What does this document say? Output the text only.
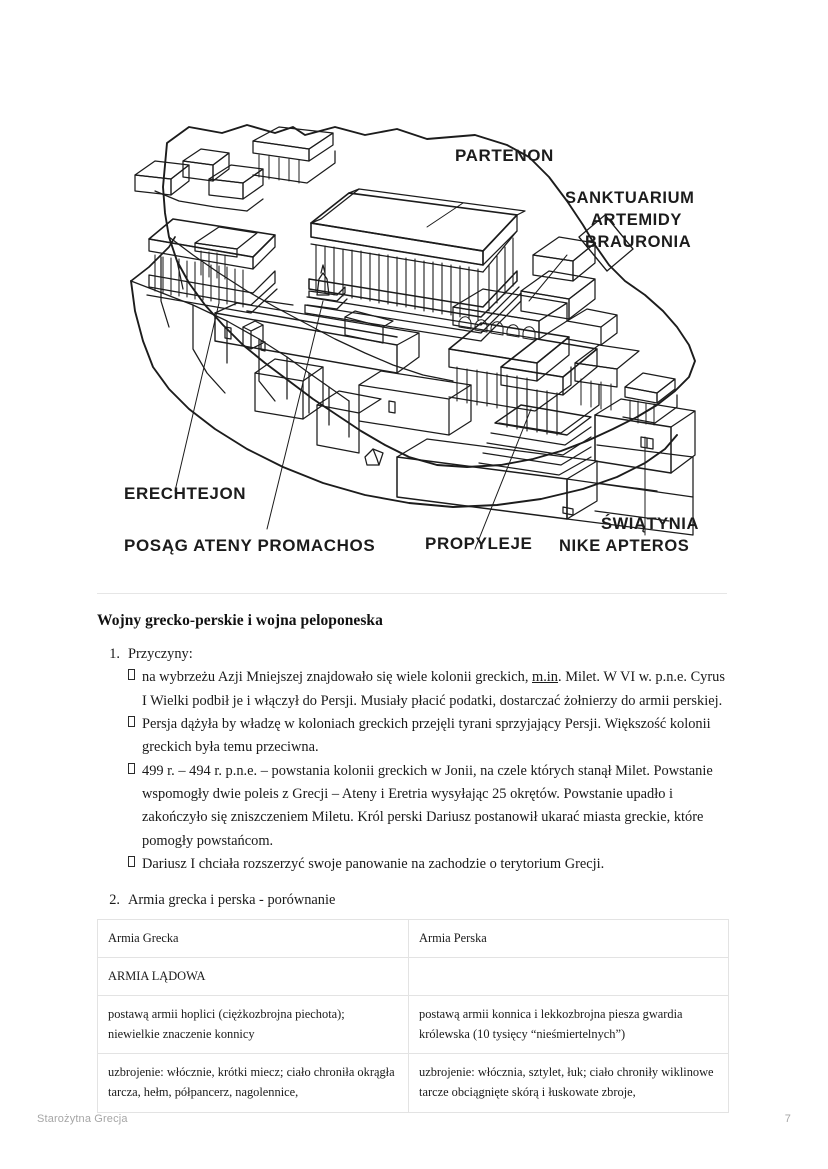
PARTENON
SANKTUARIUM
ARTEMIDY
BRAURONIA
ERECHTEJON
POSĄG ATENY PROMACHOS	PROPYLEJE
ŚWIĄTYNIA
NIKE APTEROS
Wojny grecko-perskie i wojna peloponeska
1. Przyczyny:
na wybrzeżu Azji Mniejszej znajdowało się wiele kolonii greckich, m.in. Milet. W VI w. p.n.e. Cyrus I Wielki podbił je i włączył do Persji. Musiały płacić podatki, dostarczać żołnierzy do armii perskiej.
Persja dążyła by władzę w koloniach greckich przejęli tyrani sprzyjający Persji. Większość kolonii greckich była temu przeciwna.
499 r. – 494 r. p.n.e. – powstania kolonii greckich w Jonii, na czele których stanął Milet. Powstanie wspomogły dwie poleis z Grecji – Ateny i Eretria wysyłając 25 okrętów. Powstanie upadło i zakończyło się zniszczeniem Miletu. Król perski Dariusz postanowił ukarać miasta greckie, które pomogły powstańcom.
Dariusz I chciała rozszerzyć swoje panowanie na zachodzie o terytorium Grecji.
2. Armia grecka i perska - porównanie
Armia Grecka	Armia Perska
ARMIA LĄDOWA	
postawą armii hoplici (ciężkozbrojna piechota); niewielkie znaczenie konnicy	postawą armii konnica i lekkozbrojna piesza gwardia królewska (10 tysięcy “nieśmiertelnych”)
uzbrojenie: włócznie, krótki miecz; ciało chroniła okrągła tarcza, hełm, półpancerz, nagolennice,	uzbrojenie: włócznia, sztylet, łuk; ciało chroniły wiklinowe tarcze obciągnięte skórą i łuskowate zbroje,
Starożytna Grecja	7
